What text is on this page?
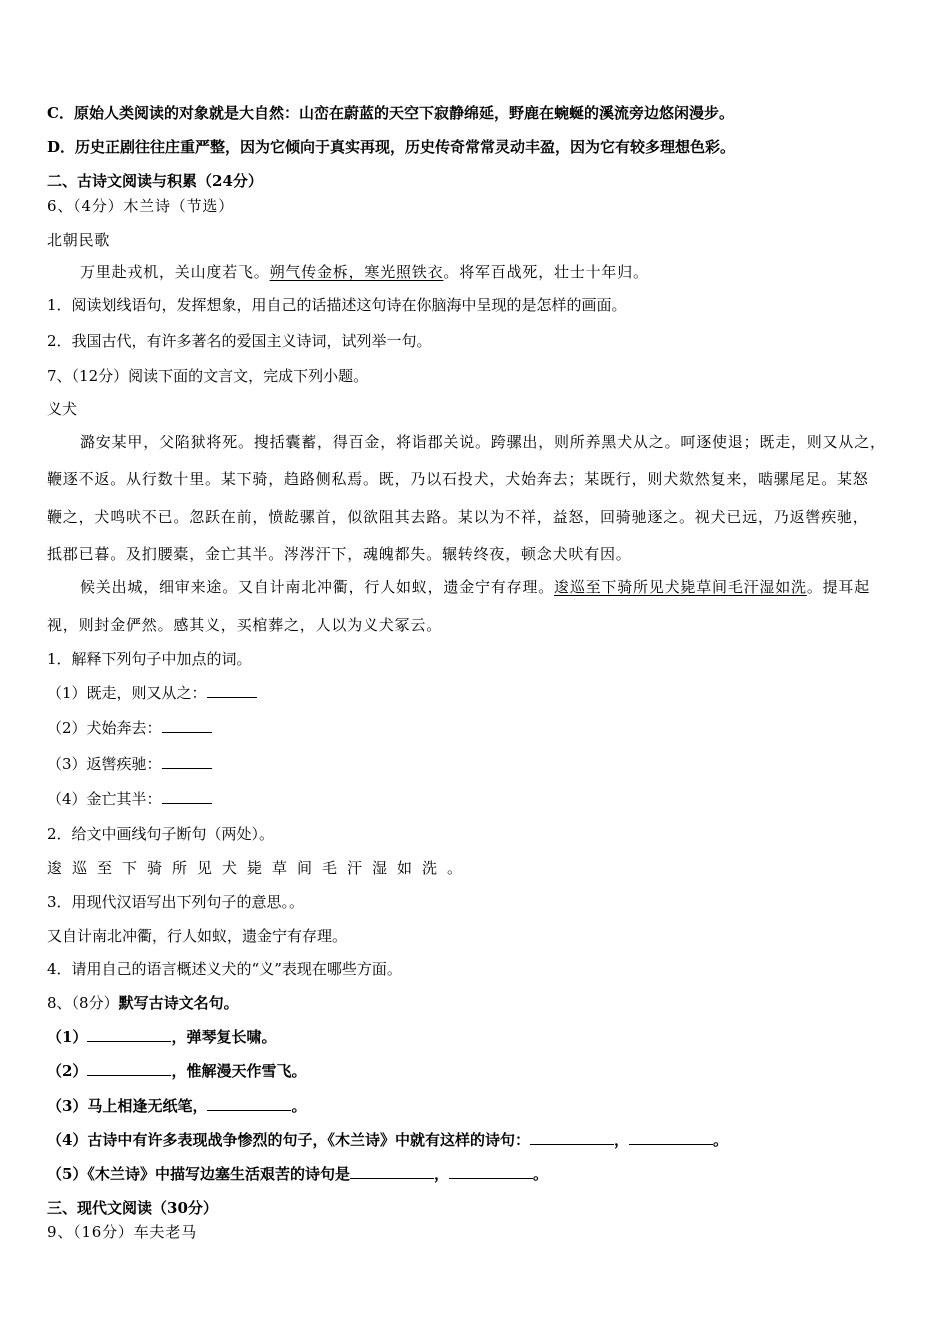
C．原始人类阅读的对象就是大自然：山峦在蔚蓝的天空下寂静绵延，野鹿在蜿蜒的溪流旁边悠闲漫步。
D．历史正剧往往庄重严整，因为它倾向于真实再现，历史传奇常常灵动丰盈，因为它有较多理想色彩。
二、古诗文阅读与积累（24分）
6、（4分）木兰诗（节选）
北朝民歌
万里赴戎机，关山度若飞。朔气传金柝，寒光照铁衣。将军百战死，壮士十年归。
1．阅读划线语句，发挥想象，用自己的话描述这句诗在你脑海中呈现的是怎样的画面。
2．我国古代，有许多著名的爱国主义诗词，试列举一句。
7、（12分）阅读下面的文言文，完成下列小题。
义犬
潞安某甲，父陷狱将死。搜括囊蓄，得百金，将诣郡关说。跨骡出，则所养黑犬从之。呵逐使退；既走，则又从之，
鞭逐不返。从行数十里。某下骑，趋路侧私焉。既，乃以石投犬，犬始奔去；某既行，则犬欻然复来，啮骡尾足。某怒
鞭之，犬鸣吠不已。忽跃在前，愤龁骡首，似欲阻其去路。某以为不祥，益怒，回骑驰逐之。视犬已远，乃返辔疾驰，
抵郡已暮。及扪腰橐，金亡其半。涔涔汗下，魂魄都失。辗转终夜，顿念犬吠有因。
候关出城，细审来途。又自计南北冲衢，行人如蚁，遗金宁有存理。逡巡至下骑所见犬毙草间毛汗湿如洗。提耳起
视，则封金俨然。感其义，买棺葬之，人以为义犬冢云。
1．解释下列句子中加点的词。
（1）既走，则又从之：
（2）犬始奔去：
（3）返辔疾驰：
（4）金亡其半：
2．给文中画线句子断句（两处）。
逡巡至下骑所见犬毙草间毛汗湿如洗。
3．用现代汉语写出下列句子的意思。。
又自计南北冲衢，行人如蚁，遗金宁有存理。
4．请用自己的语言概述义犬的“义”表现在哪些方面。
8、（8分）默写古诗文名句。
（1）	，弹琴复长啸。
（2）	，惟解漫天作雪飞。
（3）马上相逢无纸笔，	。
（4）古诗中有许多表现战争惨烈的句子，《木兰诗》中就有这样的诗句：	，	。
（5）《木兰诗》中描写边塞生活艰苦的诗句是	，	。
三、现代文阅读（30分）
9、（16分）车夫老马
